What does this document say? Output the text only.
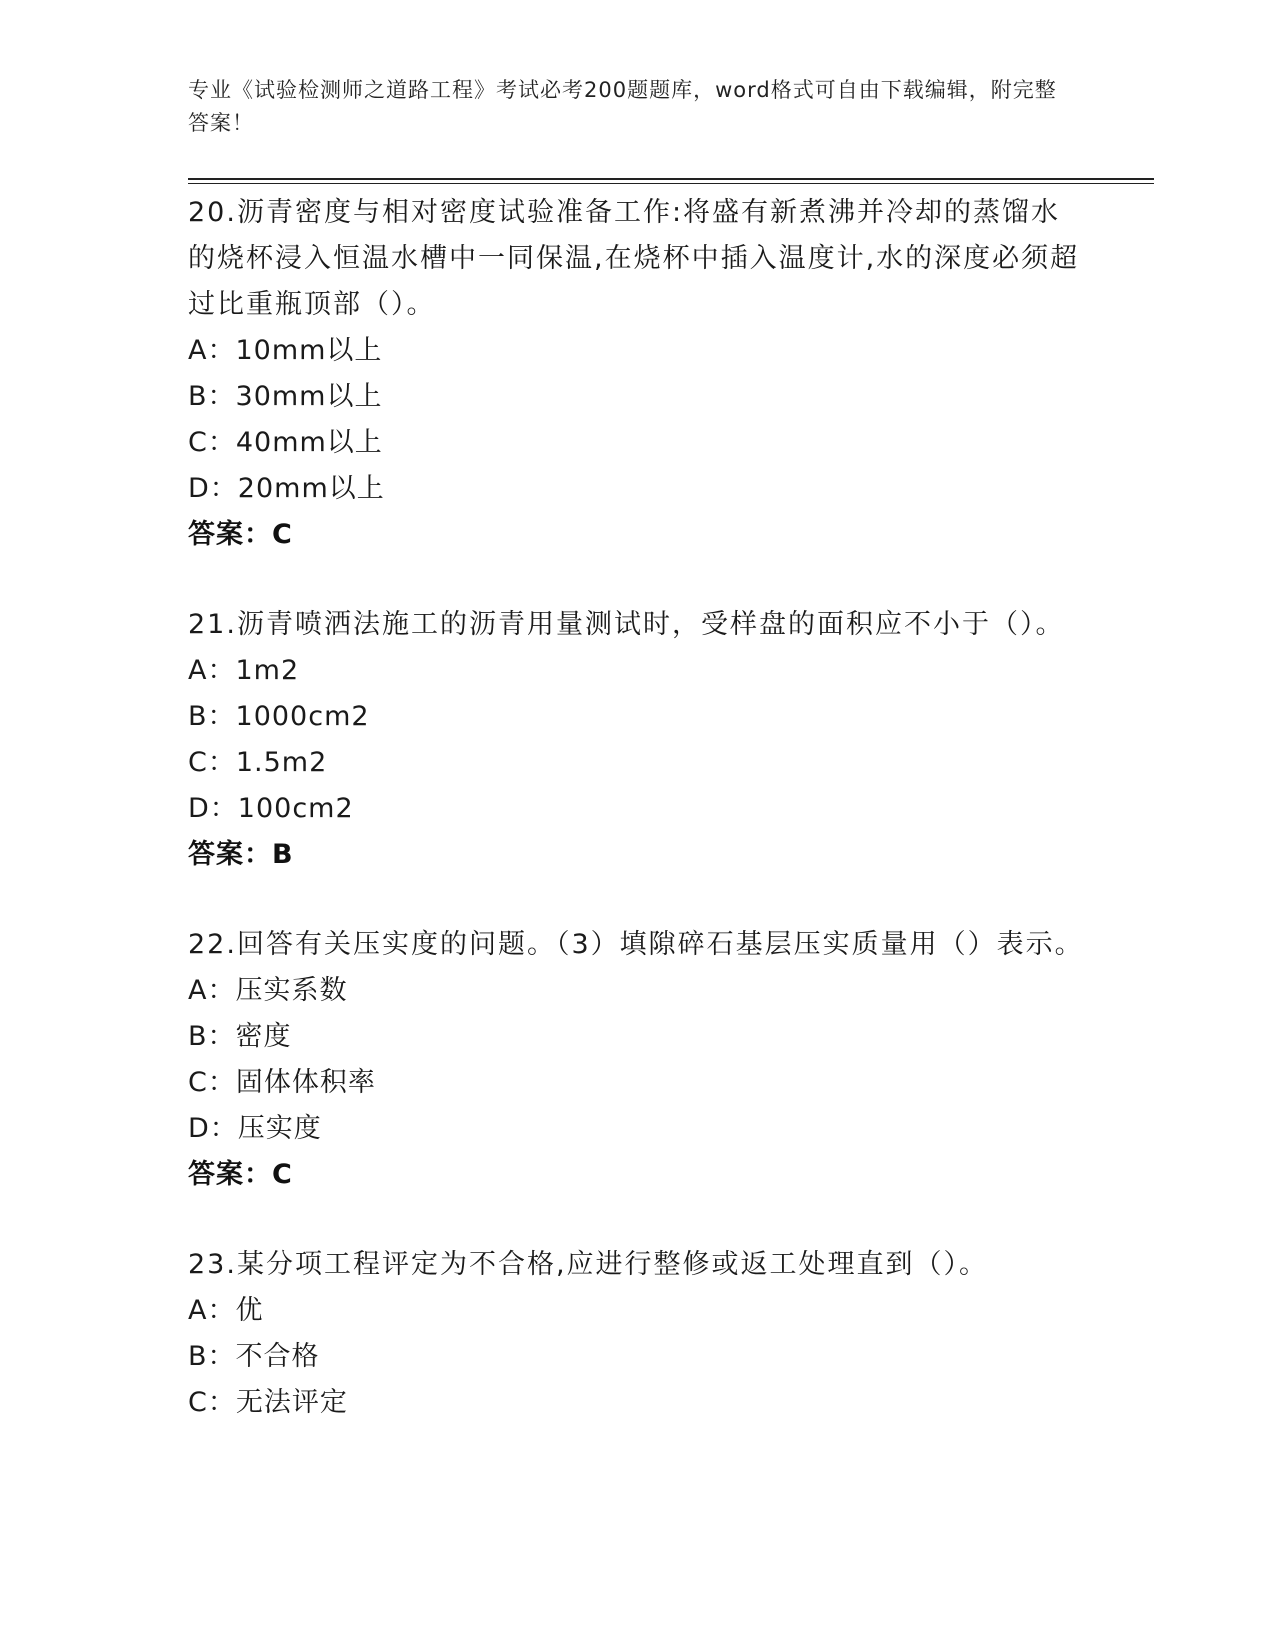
专业《试验检测师之道路工程》考试必考200题题库，word格式可自由下载编辑，附完整答案！
20.沥青密度与相对密度试验准备工作:将盛有新煮沸并冷却的蒸馏水的烧杯浸入恒温水槽中一同保温,在烧杯中插入温度计,水的深度必须超过比重瓶顶部（）。
A：10mm以上
B：30mm以上
C：40mm以上
D：20mm以上
答案：C
21.沥青喷洒法施工的沥青用量测试时，受样盘的面积应不小于（）。
A：1m2
B：1000cm2
C：1.5m2
D：100cm2
答案：B
22.回答有关压实度的问题。（3）填隙碎石基层压实质量用（）表示。
A：压实系数
B：密度
C：固体体积率
D：压实度
答案：C
23.某分项工程评定为不合格,应进行整修或返工处理直到（）。
A：优
B：不合格
C：无法评定
